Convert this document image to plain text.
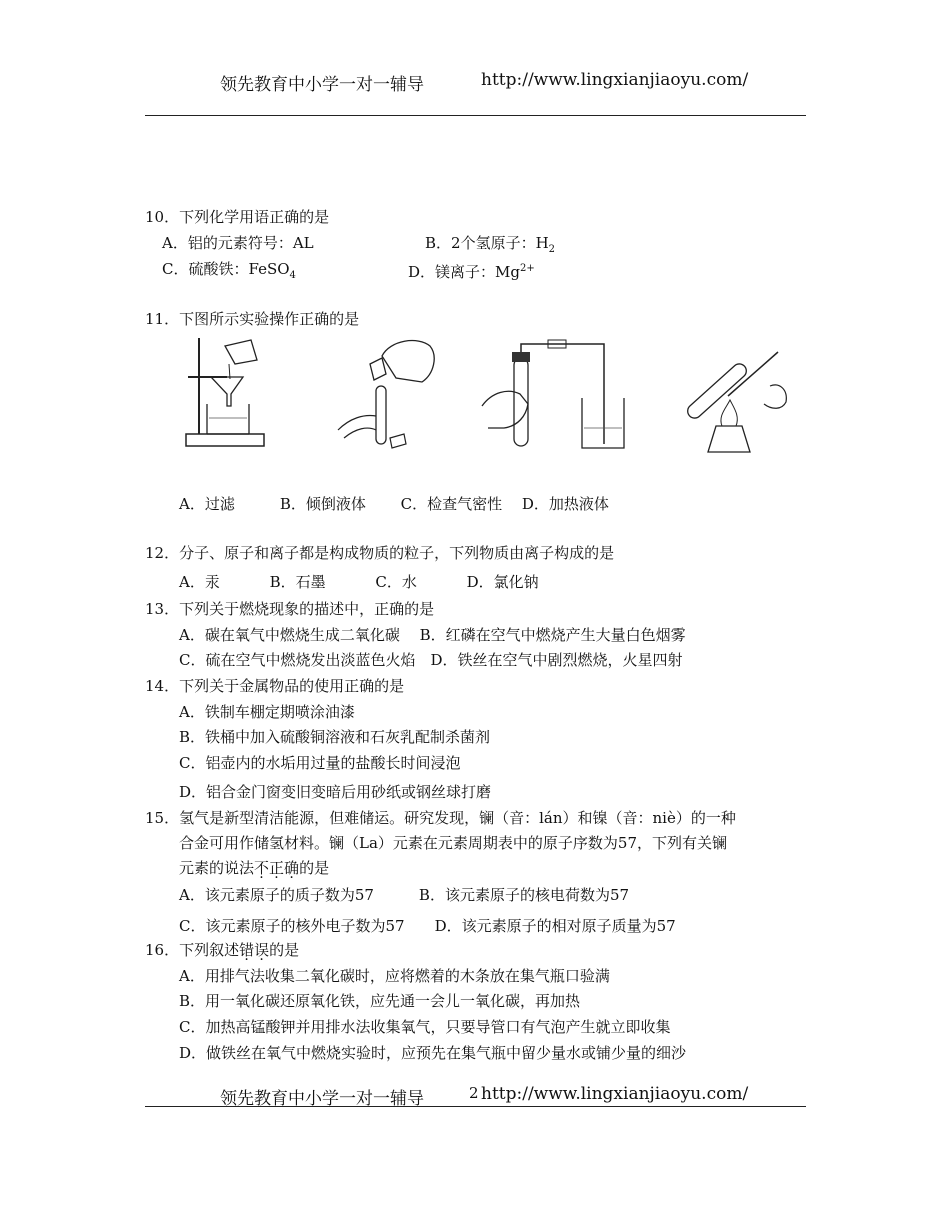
领先教育中小学一对一辅导	http://www.lingxianjiaoyu.com/
10．下列化学用语正确的是
A．铝的元素符号：AL	B．2个氢原子：$H_2$
C．硫酸铁：FeSO$_4$	D．镁离子：$Mg^{2+}$
11．下图所示实验操作正确的是
A．过滤　　　B．倾倒液体　　 C．检查气密性　 D．加热液体
12．分子、原子和离子都是构成物质的粒子，下列物质由离子构成的是
A．汞　　　 B．石墨　　　 C．水　　　 D．氯化钠
13．下列关于燃烧现象的描述中，正确的是
A．碳在氧气中燃烧生成二氧化碳　 B．红磷在空气中燃烧产生大量白色烟雾
C．硫在空气中燃烧发出淡蓝色火焰　D．铁丝在空气中剧烈燃烧，火星四射
14．下列关于金属物品的使用正确的是
A．铁制车棚定期喷涂油漆
B．铁桶中加入硫酸铜溶液和石灰乳配制杀菌剂
C．铝壶内的水垢用过量的盐酸长时间浸泡
D．铝合金门窗变旧变暗后用砂纸或钢丝球打磨
15．氢气是新型清洁能源，但难储运。研究发现，镧（音：lán）和镍（音：niè）的一种
合金可用作储氢材料。镧（La）元素在元素周期表中的原子序数为57，下列有关镧
元素的说法不正确的是
A．该元素原子的质子数为57　　　B．该元素原子的核电荷数为57
C．该元素原子的核外电子数为57　　D．该元素原子的相对原子质量为57
16．下列叙述错误的是
A．用排气法收集二氧化碳时，应将燃着的木条放在集气瓶口验满
B．用一氧化碳还原氧化铁，应先通一会儿一氧化碳，再加热
C．加热高锰酸钾并用排水法收集氧气，只要导管口有气泡产生就立即收集
D．做铁丝在氧气中燃烧实验时，应预先在集气瓶中留少量水或铺少量的细沙
领先教育中小学一对一辅导	2 http://www.lingxianjiaoyu.com/
